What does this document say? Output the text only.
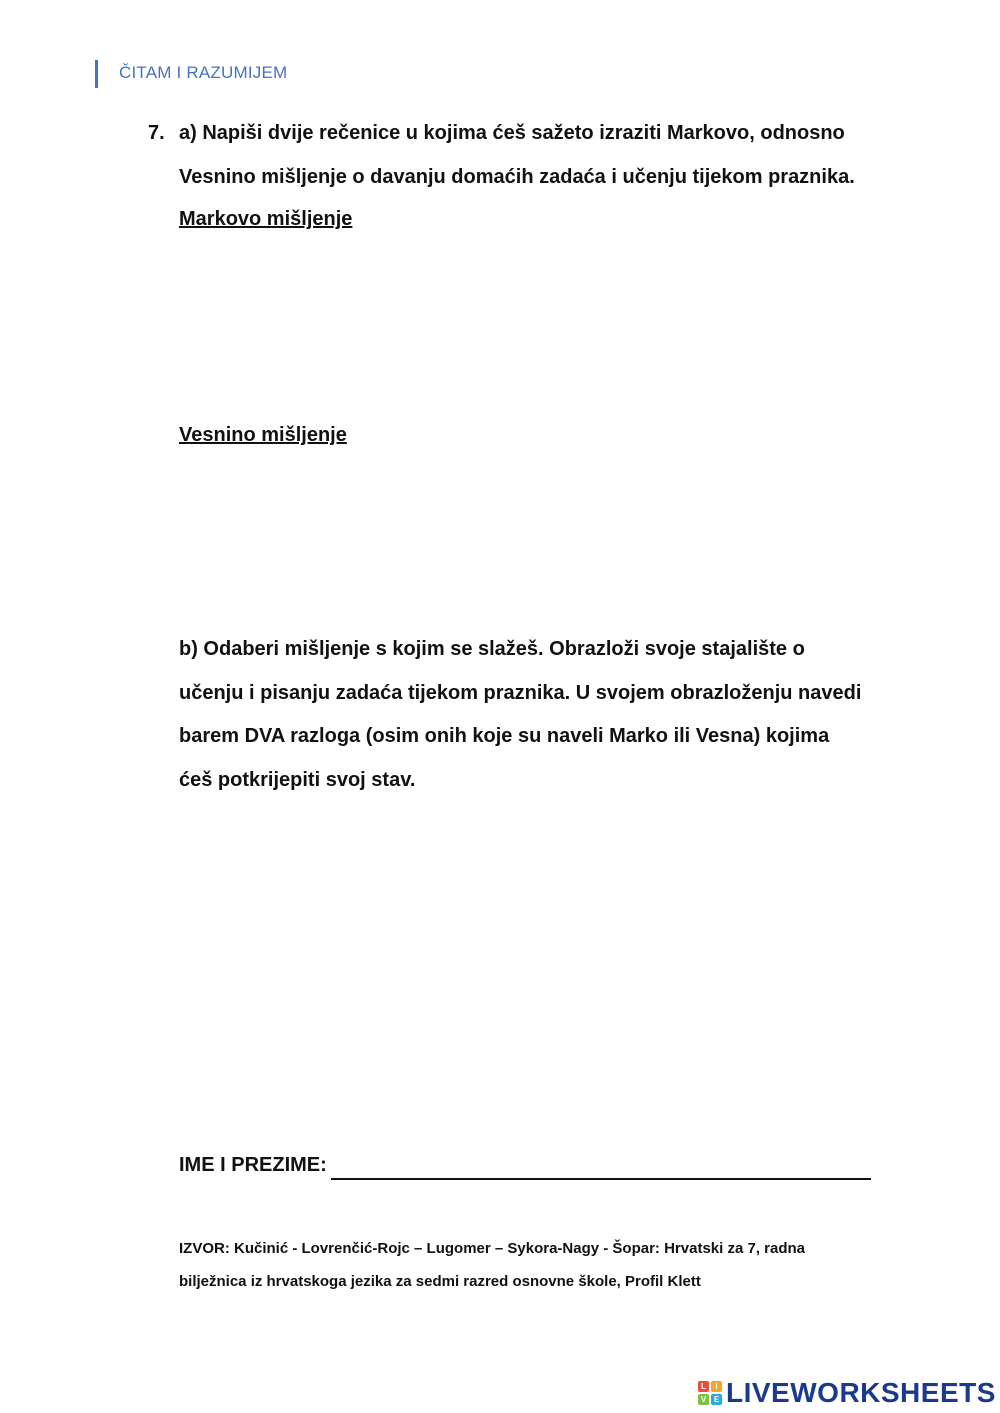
ČITAM I RAZUMIJEM
7. a) Napiši dvije rečenice u kojima ćeš sažeto izraziti Markovo, odnosno
Vesnino mišljenje o davanju domaćih zadaća i učenju tijekom praznika.
Markovo mišljenje
Vesnino mišljenje
b) Odaberi mišljenje s kojim se slažeš. Obrazloži svoje stajalište o
učenju i pisanju zadaća tijekom praznika. U svojem obrazloženju navedi
barem DVA razloga (osim onih koje su naveli Marko ili Vesna) kojima
ćeš potkrijepiti svoj stav.
IME I PREZIME:
IZVOR: Kučinić - Lovrenčić-Rojc – Lugomer – Sykora-Nagy - Šopar: Hrvatski za 7, radna
bilježnica iz hrvatskoga jezika za sedmi razred osnovne škole, Profil Klett
L	I
V E LIVEWORKSHEETS
